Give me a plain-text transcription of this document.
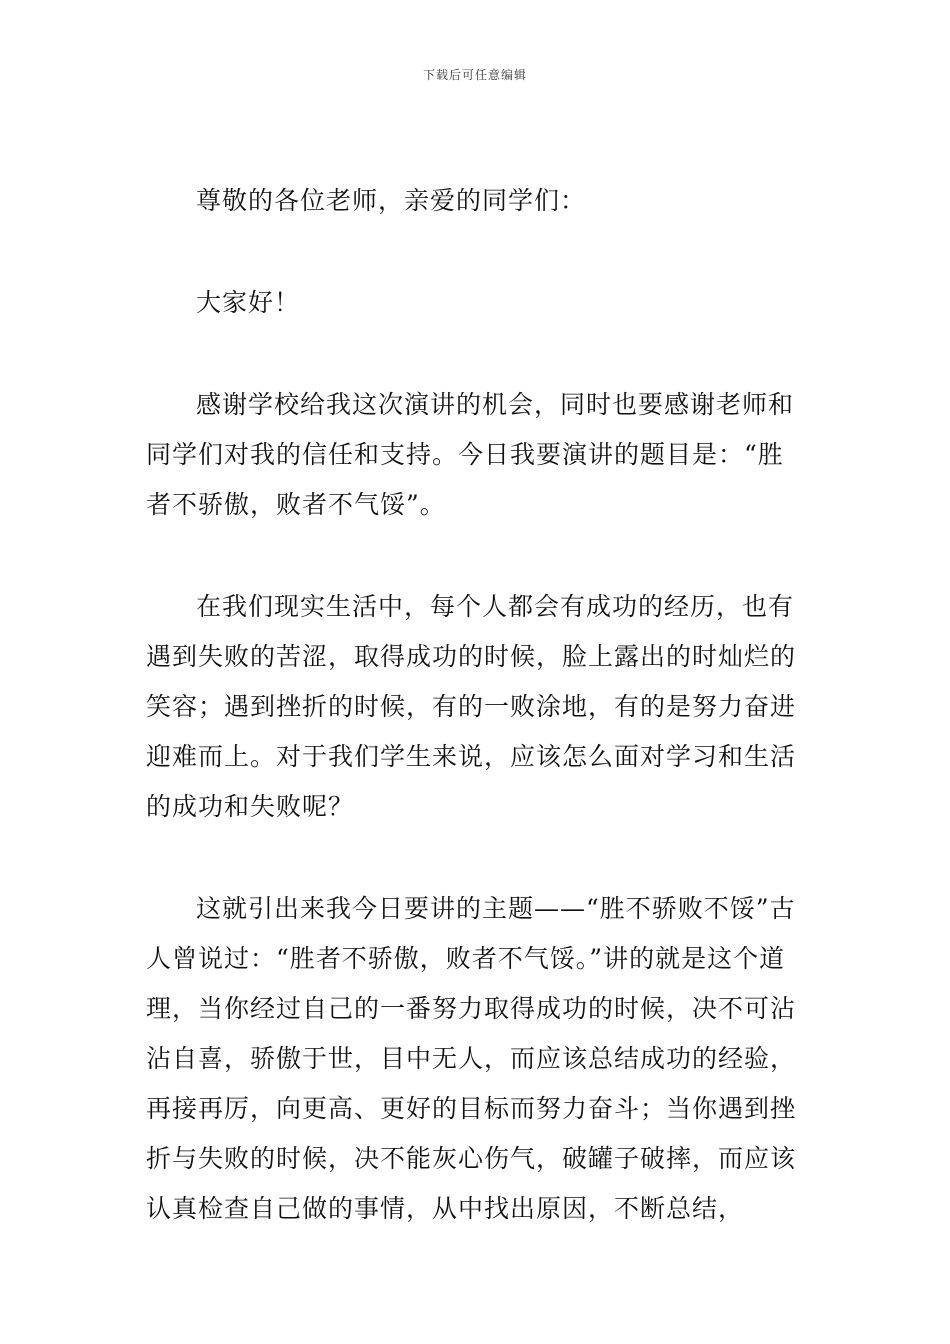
下载后可任意编辑

尊敬的各位老师，亲爱的同学们：

大家好！

感谢学校给我这次演讲的机会，同时也要感谢老师和同学们对我的信任和支持。今日我要演讲的题目是：“胜者不骄傲，败者不气馁”。

在我们现实生活中，每个人都会有成功的经历，也有遇到失败的苦涩，取得成功的时候，脸上露出的时灿烂的笑容；遇到挫折的时候，有的一败涂地，有的是努力奋进迎难而上。对于我们学生来说，应该怎么面对学习和生活的成功和失败呢？

这就引出来我今日要讲的主题——“胜不骄败不馁”古人曾说过：“胜者不骄傲，败者不气馁。”讲的就是这个道理，当你经过自己的一番努力取得成功的时候，决不可沾沾自喜，骄傲于世，目中无人，而应该总结成功的经验，再接再厉，向更高、更好的目标而努力奋斗；当你遇到挫折与失败的时候，决不能灰心伤气，破罐子破摔，而应该认真检查自己做的事情，从中找出原因，不断总结，
